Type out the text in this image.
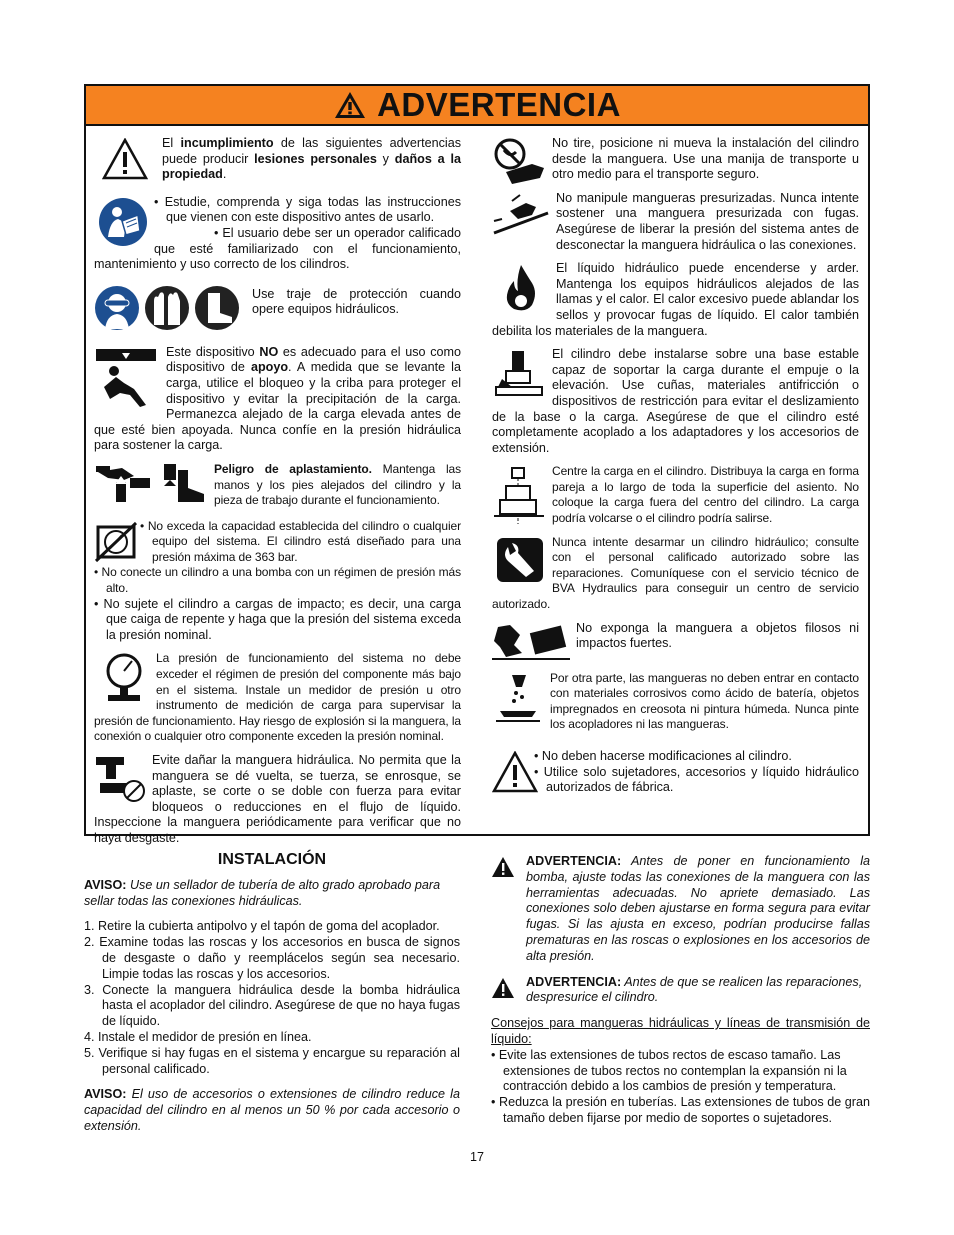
ADVERTENCIA

El incumplimiento de las siguientes advertencias puede producir lesiones personales y daños a la propiedad.

• Estudie, comprenda y siga todas las instrucciones que vienen con este dispositivo antes de usarlo.

• El usuario debe ser un operador calificado que esté familiarizado con el funcionamiento, mantenimiento y uso correcto de los cilindros.

Use traje de protección cuando opere equipos hidráulicos.

Este dispositivo NO es adecuado para el uso como dispositivo de apoyo. A medida que se levante la carga, utilice el bloqueo y la criba para proteger el dispositivo y evitar la precipitación de la carga. Permanezca alejado de la carga elevada antes de que esté bien apoyada. Nunca confíe en la presión hidráulica para sostener la carga.

Peligro de aplastamiento. Mantenga las manos y los pies alejados del cilindro y la pieza de trabajo durante el funcionamiento.

• No exceda la capacidad establecida del cilindro o cualquier equipo del sistema. El cilindro está diseñado para una presión máxima de 363 bar.

• No conecte un cilindro a una bomba con un régimen de presión más alto.

• No sujete el cilindro a cargas de impacto; es decir, una carga que caiga de repente y haga que la presión del sistema exceda la presión nominal.

La presión de funcionamiento del sistema no debe exceder el régimen de presión del componente más bajo en el sistema. Instale un medidor de presión u otro instrumento de medición de carga para supervisar la presión de funcionamiento. Hay riesgo de explosión si la manguera, la conexión o cualquier otro componente exceden la presión nominal.

Evite dañar la manguera hidráulica. No permita que la manguera se dé vuelta, se tuerza, se enrosque, se aplaste, se corte o se doble con fuerza para evitar bloqueos o reducciones en el flujo de líquido. Inspeccione la manguera periódicamente para verificar que no haya desgaste.

No tire, posicione ni mueva la instalación del cilindro desde la manguera. Use una manija de transporte u otro medio para el transporte seguro.

No manipule mangueras presurizadas. Nunca intente sostener una manguera presurizada con fugas. Asegúrese de liberar la presión del sistema antes de desconectar la manguera hidráulica o las conexiones.

El líquido hidráulico puede encenderse y arder. Mantenga los equipos hidráulicos alejados de las llamas y el calor. El calor excesivo puede ablandar los sellos y provocar fugas de líquido. El calor también debilita los materiales de la manguera.

El cilindro debe instalarse sobre una base estable capaz de soportar la carga durante el empuje o la elevación. Use cuñas, materiales antifricción o dispositivos de restricción para evitar el deslizamiento de la base o la carga. Asegúrese de que el cilindro esté completamente acoplado a los adaptadores y los accesorios de extensión.

Centre la carga en el cilindro. Distribuya la carga en forma pareja a lo largo de toda la superficie del asiento. No coloque la carga fuera del centro del cilindro. La carga podría volcarse o el cilindro podría salirse.

Nunca intente desarmar un cilindro hidráulico; consulte con el personal calificado autorizado sobre las reparaciones. Comuníquese con el servicio técnico de BVA Hydraulics para conseguir un centro de servicio autorizado.

No exponga la manguera a objetos filosos ni impactos fuertes.

Por otra parte, las mangueras no deben entrar en contacto con materiales corrosivos como ácido de batería, objetos impregnados en creosota ni pintura húmeda. Nunca pinte los acopladores ni las mangueras.

• No deben hacerse modificaciones al cilindro.

• Utilice solo sujetadores, accesorios y líquido hidráulico autorizados de fábrica.

INSTALACIÓN

AVISO: Use un sellador de tubería de alto grado aprobado para sellar todas las conexiones hidráulicas.

1. Retire la cubierta antipolvo y el tapón de goma del acoplador.
2. Examine todas las roscas y los accesorios en busca de signos de desgaste o daño y reemplácelos según sea necesario. Limpie todas las roscas y los accesorios.
3. Conecte la manguera hidráulica desde la bomba hidráulica hasta el acoplador del cilindro. Asegúrese de que no haya fugas de líquido.
4. Instale el medidor de presión en línea.
5. Verifique si hay fugas en el sistema y encargue su reparación al personal calificado.

AVISO: El uso de accesorios o extensiones de cilindro reduce la capacidad del cilindro en al menos un 50 % por cada accesorio o extensión.

ADVERTENCIA: Antes de poner en funcionamiento la bomba, ajuste todas las conexiones de la manguera con las herramientas adecuadas. No apriete demasiado. Las conexiones solo deben ajustarse en forma segura para evitar fugas. Si las ajusta en exceso, podrían producirse fallas prematuras en las roscas o explosiones en los accesorios de alta presión.

ADVERTENCIA: Antes de que se realicen las reparaciones, despresurice el cilindro.

Consejos para mangueras hidráulicas y líneas de transmisión de líquido:

• Evite las extensiones de tubos rectos de escaso tamaño. Las extensiones de tubos rectos no contemplan la expansión ni la contracción debido a los cambios de presión y temperatura.

• Reduzca la presión en tuberías. Las extensiones de tubos de gran tamaño deben fijarse por medio de soportes o sujetadores.

17
